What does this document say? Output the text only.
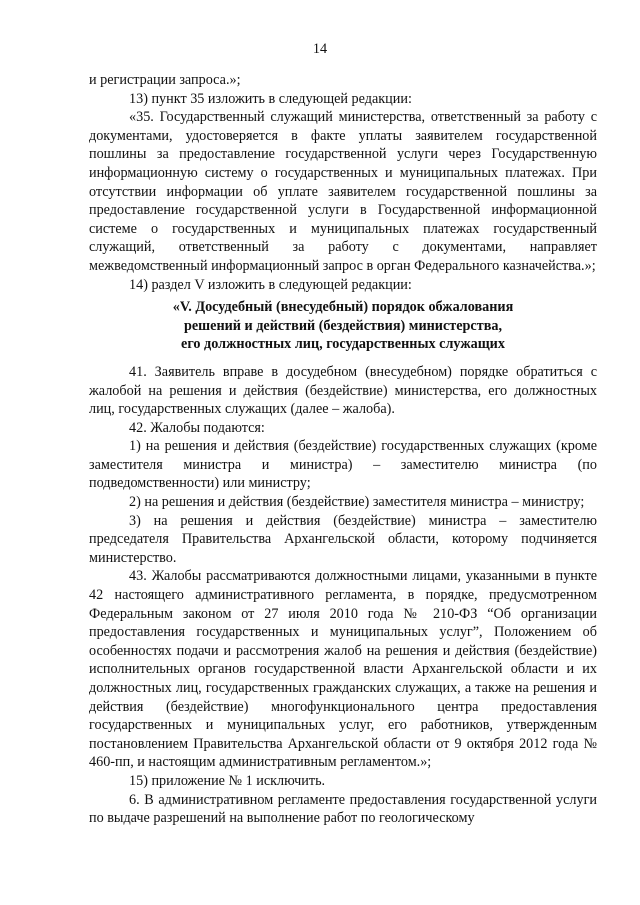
14

и регистрации запроса.»;

13) пункт 35 изложить в следующей редакции:

«35. Государственный служащий министерства, ответственный за работу с документами, удостоверяется в факте уплаты заявителем государственной пошлины за предоставление государственной услуги через Государственную информационную систему о государственных и муниципальных платежах. При отсутствии информации об уплате заявителем государственной пошлины за предоставление государственной услуги в Государственной информационной системе о государственных и муниципальных платежах государственный служащий, ответственный за работу с документами, направляет межведомственный информационный запрос в орган Федерального казначейства.»;

14) раздел V изложить в следующей редакции:

«V. Досудебный (внесудебный) порядок обжалования
решений и действий (бездействия) министерства,
его должностных лиц, государственных служащих

41. Заявитель вправе в досудебном (внесудебном) порядке обратиться с жалобой на решения и действия (бездействие) министерства, его должностных лиц, государственных служащих (далее – жалоба).

42. Жалобы подаются:

1) на решения и действия (бездействие) государственных служащих (кроме заместителя министра и министра) – заместителю министра (по подведомственности) или министру;

2) на решения и действия (бездействие) заместителя министра – министру;

3) на решения и действия (бездействие) министра – заместителю председателя Правительства Архангельской области, которому подчиняется министерство.

43. Жалобы рассматриваются должностными лицами, указанными в пункте 42 настоящего административного регламента, в порядке, предусмотренном Федеральным законом от 27 июля 2010 года № 210-ФЗ “Об организации предоставления государственных и муниципальных услуг”, Положением об особенностях подачи и рассмотрения жалоб на решения и действия (бездействие) исполнительных органов государственной власти Архангельской области и их должностных лиц, государственных гражданских служащих, а также на решения и действия (бездействие) многофункционального центра предоставления государственных и муниципальных услуг, его работников, утвержденным постановлением Правительства Архангельской области от 9 октября 2012 года № 460-пп, и настоящим административным регламентом.»;

15) приложение № 1 исключить.

6. В административном регламенте предоставления государственной услуги по выдаче разрешений на выполнение работ по геологическому
